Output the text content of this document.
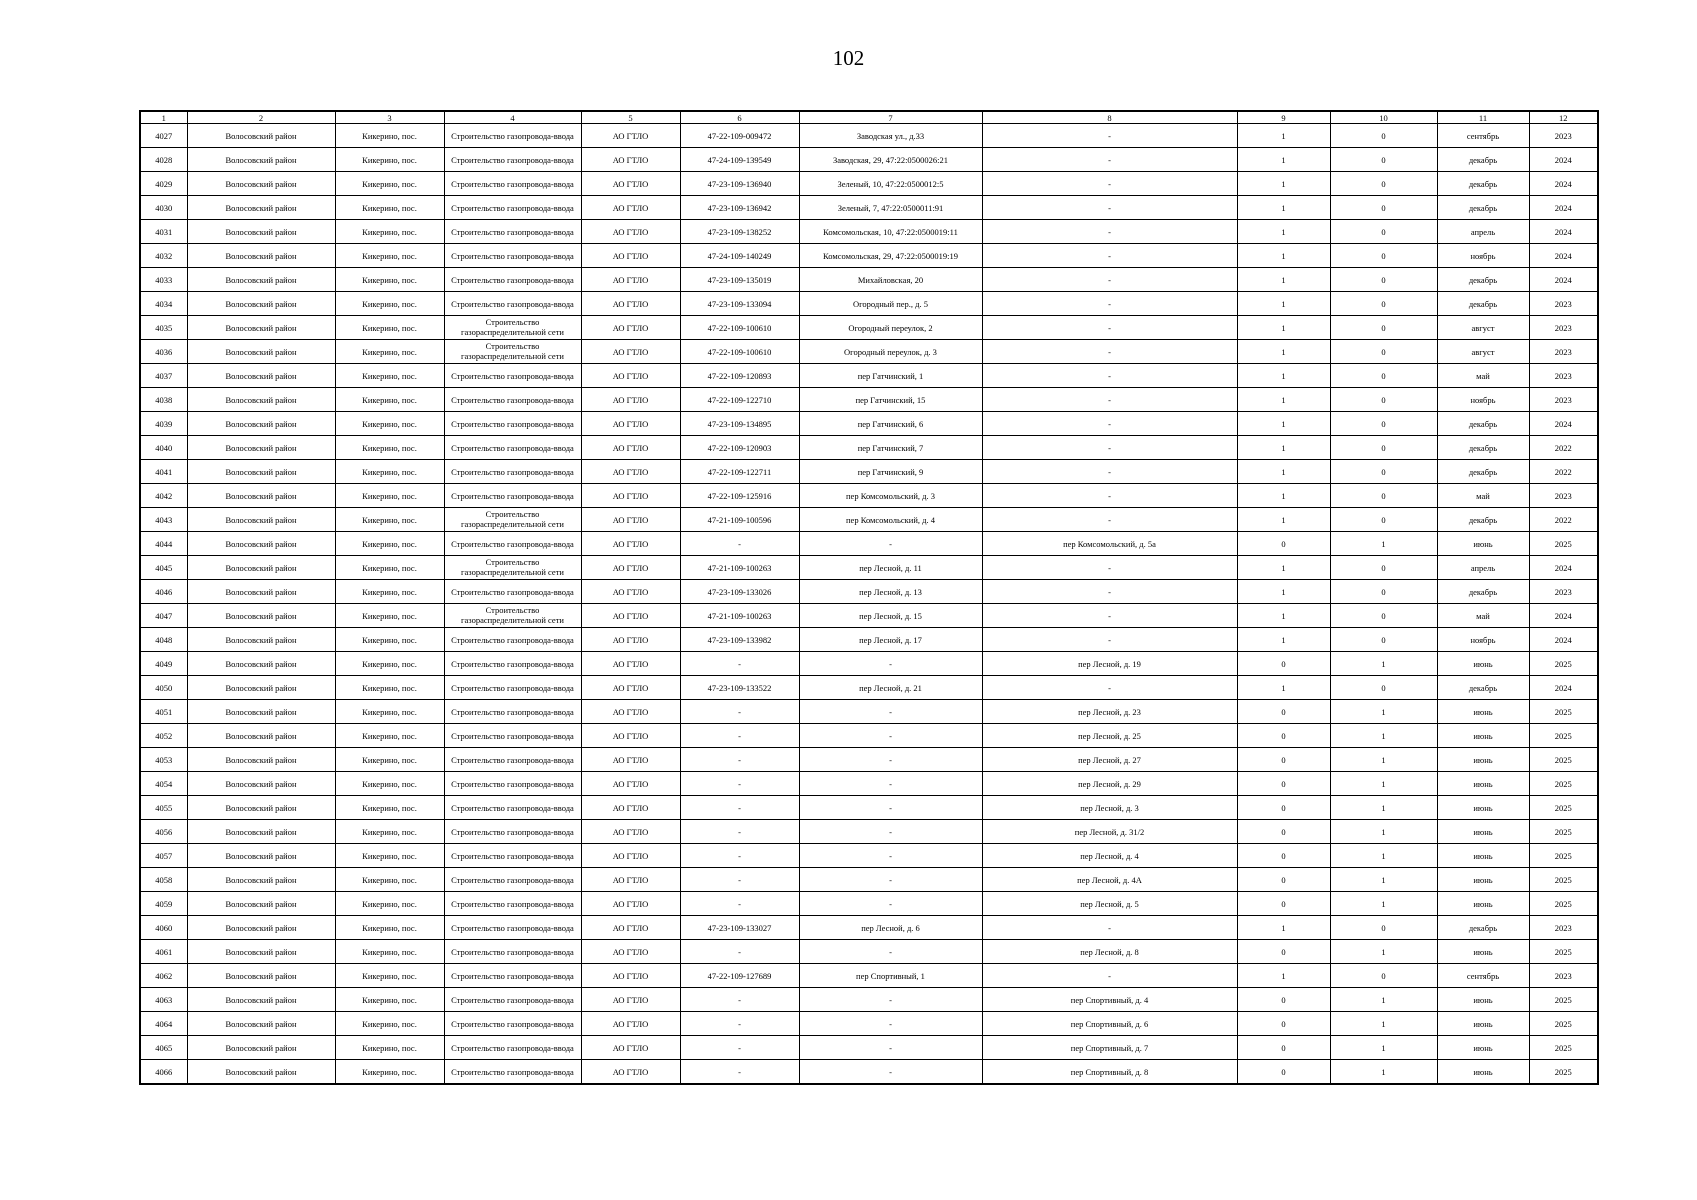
102
1	2	3	4	5	6	7	8	9	10	11	12
4027	Волосовский район	Кикерино, пос.	Строительство газопровода-ввода	АО ГТЛО	47-22-109-009472	Заводская ул., д.33	-	1	0	сентябрь	2023
4028	Волосовский район	Кикерино, пос.	Строительство газопровода-ввода	АО ГТЛО	47-24-109-139549	Заводская, 29, 47:22:0500026:21	-	1	0	декабрь	2024
4029	Волосовский район	Кикерино, пос.	Строительство газопровода-ввода	АО ГТЛО	47-23-109-136940	Зеленый, 10, 47:22:0500012:5	-	1	0	декабрь	2024
4030	Волосовский район	Кикерино, пос.	Строительство газопровода-ввода	АО ГТЛО	47-23-109-136942	Зеленый, 7, 47:22:0500011:91	-	1	0	декабрь	2024
4031	Волосовский район	Кикерино, пос.	Строительство газопровода-ввода	АО ГТЛО	47-23-109-138252	Комсомольская, 10, 47:22:0500019:11	-	1	0	апрель	2024
4032	Волосовский район	Кикерино, пос.	Строительство газопровода-ввода	АО ГТЛО	47-24-109-140249	Комсомольская, 29, 47:22:0500019:19	-	1	0	ноябрь	2024
4033	Волосовский район	Кикерино, пос.	Строительство газопровода-ввода	АО ГТЛО	47-23-109-135019	Михайловская, 20	-	1	0	декабрь	2024
4034	Волосовский район	Кикерино, пос.	Строительство газопровода-ввода	АО ГТЛО	47-23-109-133094	Огородный пер., д. 5	-	1	0	декабрь	2023
4035	Волосовский район	Кикерино, пос.	Строительство газораспределительной сети	АО ГТЛО	47-22-109-100610	Огородный переулок, 2	-	1	0	август	2023
4036	Волосовский район	Кикерино, пос.	Строительство газораспределительной сети	АО ГТЛО	47-22-109-100610	Огородный переулок, д. 3	-	1	0	август	2023
4037	Волосовский район	Кикерино, пос.	Строительство газопровода-ввода	АО ГТЛО	47-22-109-120893	пер Гатчинский, 1	-	1	0	май	2023
4038	Волосовский район	Кикерино, пос.	Строительство газопровода-ввода	АО ГТЛО	47-22-109-122710	пер Гатчинский, 15	-	1	0	ноябрь	2023
4039	Волосовский район	Кикерино, пос.	Строительство газопровода-ввода	АО ГТЛО	47-23-109-134895	пер Гатчинский, 6	-	1	0	декабрь	2024
4040	Волосовский район	Кикерино, пос.	Строительство газопровода-ввода	АО ГТЛО	47-22-109-120903	пер Гатчинский, 7	-	1	0	декабрь	2022
4041	Волосовский район	Кикерино, пос.	Строительство газопровода-ввода	АО ГТЛО	47-22-109-122711	пер Гатчинский, 9	-	1	0	декабрь	2022
4042	Волосовский район	Кикерино, пос.	Строительство газопровода-ввода	АО ГТЛО	47-22-109-125916	пер Комсомольский, д. 3	-	1	0	май	2023
4043	Волосовский район	Кикерино, пос.	Строительство газораспределительной сети	АО ГТЛО	47-21-109-100596	пер Комсомольский, д. 4	-	1	0	декабрь	2022
4044	Волосовский район	Кикерино, пос.	Строительство газопровода-ввода	АО ГТЛО	-	-	пер Комсомольский, д. 5а	0	1	июнь	2025
4045	Волосовский район	Кикерино, пос.	Строительство газораспределительной сети	АО ГТЛО	47-21-109-100263	пер Лесной, д. 11	-	1	0	апрель	2024
4046	Волосовский район	Кикерино, пос.	Строительство газопровода-ввода	АО ГТЛО	47-23-109-133026	пер Лесной, д. 13	-	1	0	декабрь	2023
4047	Волосовский район	Кикерино, пос.	Строительство газораспределительной сети	АО ГТЛО	47-21-109-100263	пер Лесной, д. 15	-	1	0	май	2024
4048	Волосовский район	Кикерино, пос.	Строительство газопровода-ввода	АО ГТЛО	47-23-109-133982	пер Лесной, д. 17	-	1	0	ноябрь	2024
4049	Волосовский район	Кикерино, пос.	Строительство газопровода-ввода	АО ГТЛО	-	-	пер Лесной, д. 19	0	1	июнь	2025
4050	Волосовский район	Кикерино, пос.	Строительство газопровода-ввода	АО ГТЛО	47-23-109-133522	пер Лесной, д. 21	-	1	0	декабрь	2024
4051	Волосовский район	Кикерино, пос.	Строительство газопровода-ввода	АО ГТЛО	-	-	пер Лесной, д. 23	0	1	июнь	2025
4052	Волосовский район	Кикерино, пос.	Строительство газопровода-ввода	АО ГТЛО	-	-	пер Лесной, д. 25	0	1	июнь	2025
4053	Волосовский район	Кикерино, пос.	Строительство газопровода-ввода	АО ГТЛО	-	-	пер Лесной, д. 27	0	1	июнь	2025
4054	Волосовский район	Кикерино, пос.	Строительство газопровода-ввода	АО ГТЛО	-	-	пер Лесной, д. 29	0	1	июнь	2025
4055	Волосовский район	Кикерино, пос.	Строительство газопровода-ввода	АО ГТЛО	-	-	пер Лесной, д. 3	0	1	июнь	2025
4056	Волосовский район	Кикерино, пос.	Строительство газопровода-ввода	АО ГТЛО	-	-	пер Лесной, д. 31/2	0	1	июнь	2025
4057	Волосовский район	Кикерино, пос.	Строительство газопровода-ввода	АО ГТЛО	-	-	пер Лесной, д. 4	0	1	июнь	2025
4058	Волосовский район	Кикерино, пос.	Строительство газопровода-ввода	АО ГТЛО	-	-	пер Лесной, д. 4А	0	1	июнь	2025
4059	Волосовский район	Кикерино, пос.	Строительство газопровода-ввода	АО ГТЛО	-	-	пер Лесной, д. 5	0	1	июнь	2025
4060	Волосовский район	Кикерино, пос.	Строительство газопровода-ввода	АО ГТЛО	47-23-109-133027	пер Лесной, д. 6	-	1	0	декабрь	2023
4061	Волосовский район	Кикерино, пос.	Строительство газопровода-ввода	АО ГТЛО	-	-	пер Лесной, д. 8	0	1	июнь	2025
4062	Волосовский район	Кикерино, пос.	Строительство газопровода-ввода	АО ГТЛО	47-22-109-127689	пер Спортивный, 1	-	1	0	сентябрь	2023
4063	Волосовский район	Кикерино, пос.	Строительство газопровода-ввода	АО ГТЛО	-	-	пер Спортивный, д. 4	0	1	июнь	2025
4064	Волосовский район	Кикерино, пос.	Строительство газопровода-ввода	АО ГТЛО	-	-	пер Спортивный, д. 6	0	1	июнь	2025
4065	Волосовский район	Кикерино, пос.	Строительство газопровода-ввода	АО ГТЛО	-	-	пер Спортивный, д. 7	0	1	июнь	2025
4066	Волосовский район	Кикерино, пос.	Строительство газопровода-ввода	АО ГТЛО	-	-	пер Спортивный, д. 8	0	1	июнь	2025
